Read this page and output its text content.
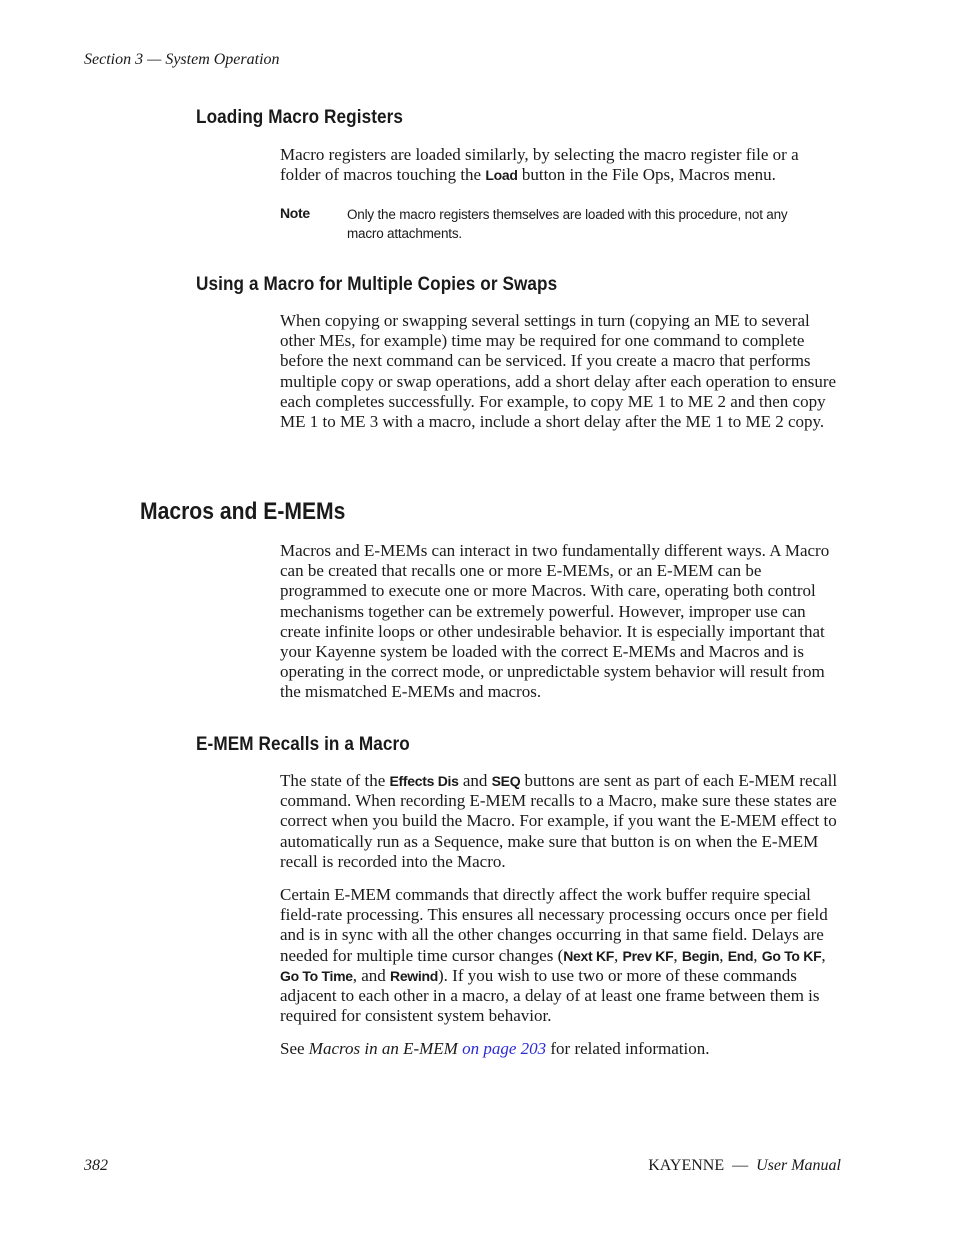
Section 3 — System Operation
Loading Macro Registers

Macro registers are loaded similarly, by selecting the macro register file or a folder of macros touching the Load button in the File Ops, Macros menu.

Note	Only the macro registers themselves are loaded with this procedure, not any macro attachments.

Using a Macro for Multiple Copies or Swaps

When copying or swapping several settings in turn (copying an ME to several other MEs, for example) time may be required for one command to complete before the next command can be serviced. If you create a macro that performs multiple copy or swap operations, add a short delay after each operation to ensure each completes successfully. For example, to copy ME 1 to ME 2 and then copy ME 1 to ME 3 with a macro, include a short delay after the ME 1 to ME 2 copy.

Macros and E-MEMs

Macros and E-MEMs can interact in two fundamentally different ways. A Macro can be created that recalls one or more E-MEMs, or an E-MEM can be programmed to execute one or more Macros. With care, operating both control mechanisms together can be extremely powerful. However, improper use can create infinite loops or other undesirable behavior. It is especially important that your Kayenne system be loaded with the correct E-MEMs and Macros and is operating in the correct mode, or unpredictable system behavior will result from the mismatched E-MEMs and macros.

E-MEM Recalls in a Macro

The state of the Effects Dis and SEQ buttons are sent as part of each E-MEM recall command. When recording E-MEM recalls to a Macro, make sure these states are correct when you build the Macro. For example, if you want the E-MEM effect to automatically run as a Sequence, make sure that button is on when the E-MEM recall is recorded into the Macro.

Certain E-MEM commands that directly affect the work buffer require special field-rate processing. This ensures all necessary processing occurs once per field and is in sync with all the other changes occurring in that same field. Delays are needed for multiple time cursor changes (Next KF, Prev KF, Begin, End, Go To KF, Go To Time, and Rewind). If you wish to use two or more of these commands adjacent to each other in a macro, a delay of at least one frame between them is required for consistent system behavior.

See Macros in an E-MEM on page 203 for related information.

382	KAYENNE — User Manual
